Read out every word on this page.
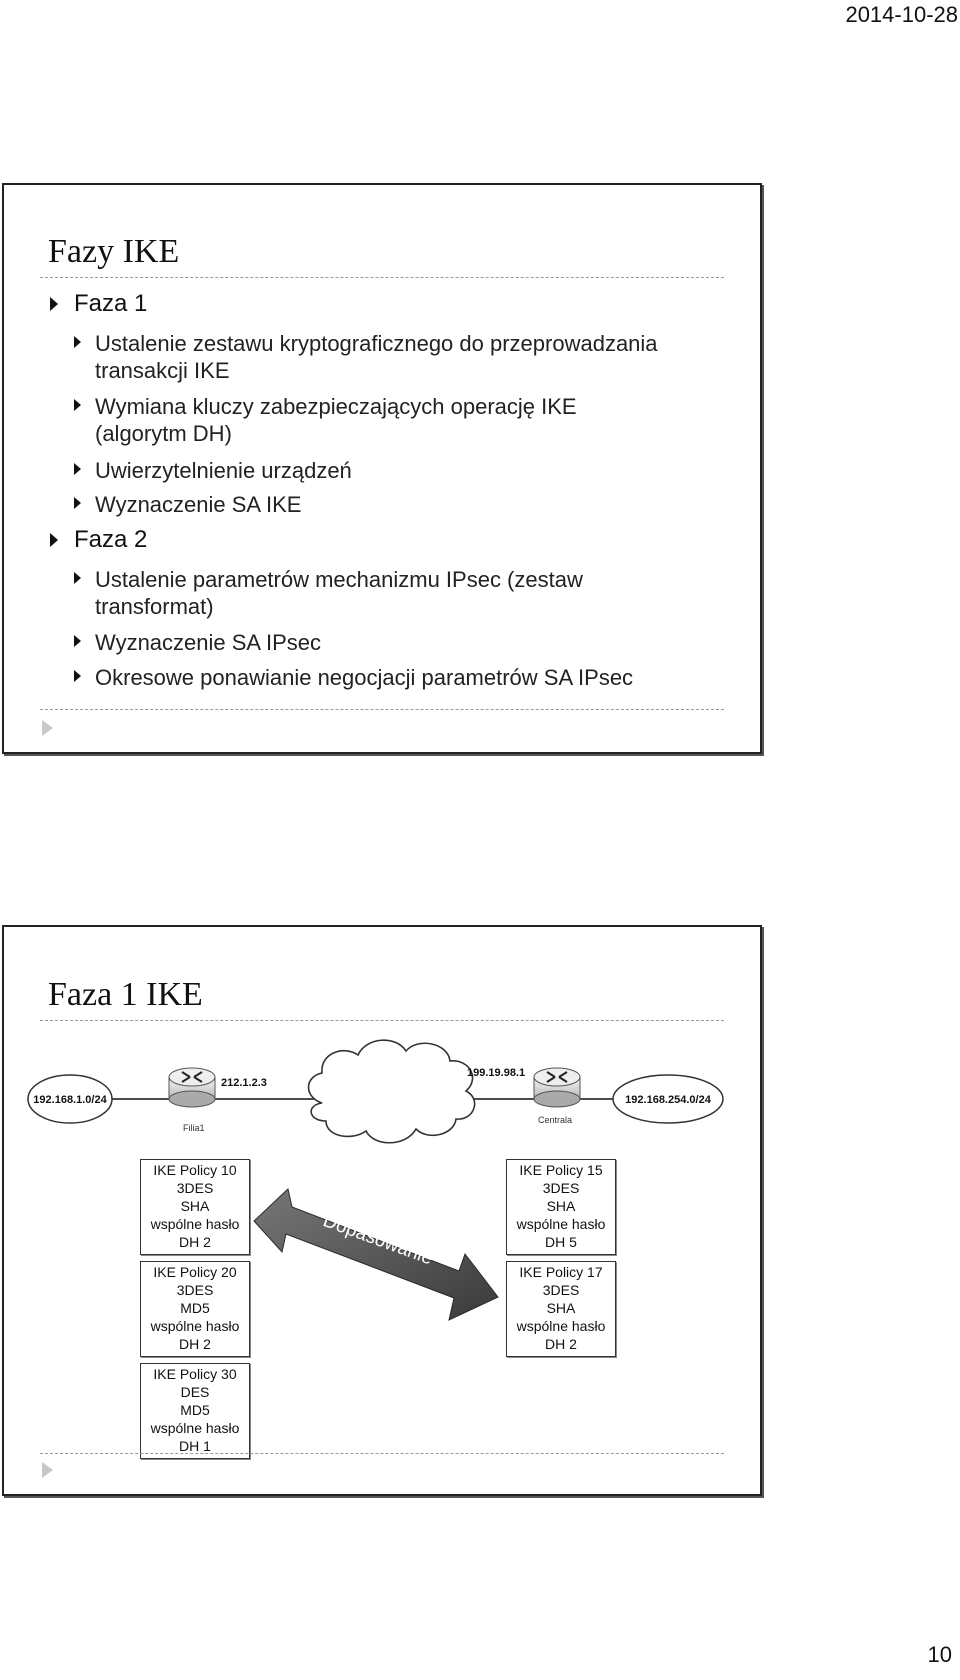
2014-10-28
Fazy IKE
Faza 1
Ustalenie zestawu kryptograficznego do przeprowadzania
transakcji IKE
Wymiana kluczy zabezpieczających operację IKE
(algorytm DH)
Uwierzytelnienie urządzeń
Wyznaczenie SA IKE
Faza 2
Ustalenie parametrów mechanizmu IPsec (zestaw
transformat)
Wyznaczenie SA IPsec
Okresowe ponawianie negocjacji parametrów SA IPsec
Faza 1 IKE
192.168.1.0/24	192.168.254.0/24
Filia1
212.1.2.3
Centrala
199.19.98.1
Dopasowanie
IKE Policy 10
3DES
SHA
wspólne hasło
DH 2
IKE Policy 20
3DES
MD5
wspólne hasło
DH 2
IKE Policy 30
DES
MD5
wspólne hasło
DH 1
IKE Policy 15
3DES
SHA
wspólne hasło
DH 5
IKE Policy 17
3DES
SHA
wspólne hasło
DH 2
10
